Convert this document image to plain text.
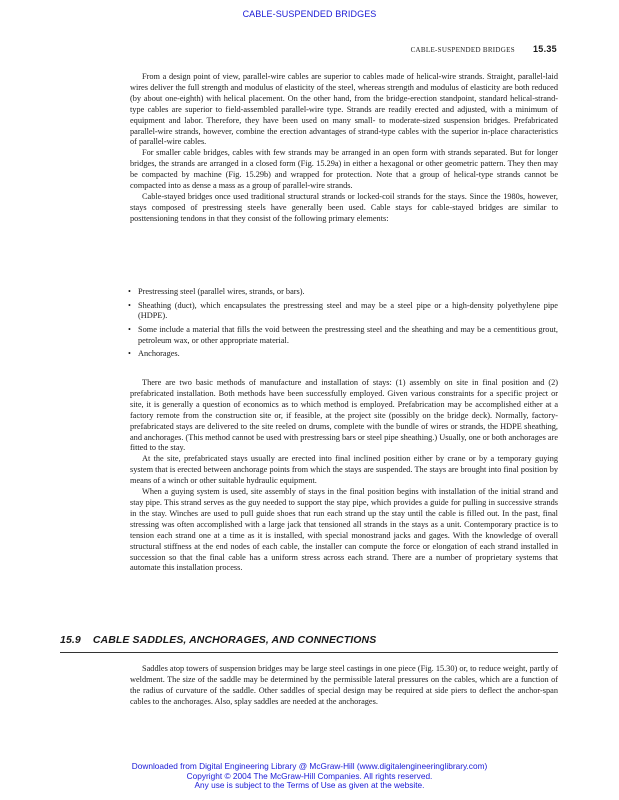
CABLE-SUSPENDED BRIDGES
CABLE-SUSPENDED BRIDGES 15.35

From a design point of view, parallel-wire cables are superior to cables made of helical-wire strands. Straight, parallel-laid wires deliver the full strength and modulus of elasticity of the steel, whereas strength and modulus of elasticity are both reduced (by about one-eighth) with helical placement. On the other hand, from the bridge-erection standpoint, standard helical-strand-type cables are superior to field-assembled parallel-wire type. Strands are readily erected and adjusted, with a minimum of equipment and labor. Therefore, they have been used on many small- to moderate-sized suspension bridges. Prefabricated parallel-wire strands, however, combine the erection advantages of strand-type cables with the superior in-place characteristics of parallel-wire cables.

For smaller cable bridges, cables with few strands may be arranged in an open form with strands separated. But for longer bridges, the strands are arranged in a closed form (Fig. 15.29a) in either a hexagonal or other geometric pattern. They then may be compacted by machine (Fig. 15.29b) and wrapped for protection. Note that a group of helical-type strands cannot be compacted into as dense a mass as a group of parallel-wire strands.

Cable-stayed bridges once used traditional structural strands or locked-coil strands for the stays. Since the 1980s, however, stays composed of prestressing steels have generally been used. Cable stays for cable-stayed bridges are similar to posttensioning tendons in that they consist of the following primary elements:

• Prestressing steel (parallel wires, strands, or bars).
• Sheathing (duct), which encapsulates the prestressing steel and may be a steel pipe or a high-density polyethylene pipe (HDPE).
• Some include a material that fills the void between the prestressing steel and the sheathing and may be a cementitious grout, petroleum wax, or other appropriate material.
• Anchorages.

There are two basic methods of manufacture and installation of stays: (1) assembly on site in final position and (2) prefabricated installation. Both methods have been successfully employed. Given various constraints for a specific project or site, it is generally a question of economics as to which method is employed. Prefabrication may be accomplished either at a factory remote from the construction site or, if feasible, at the project site (possibly on the bridge deck). Normally, factory-prefabricated stays are delivered to the site reeled on drums, complete with the bundle of wires or strands, the HDPE sheathing, and anchorages. (This method cannot be used with prestressing bars or steel pipe sheathing.) Usually, one or both anchorages are fitted to the stay.

At the site, prefabricated stays usually are erected into final inclined position either by crane or by a temporary guying system that is erected between anchorage points from which the stays are suspended. The stays are brought into final position by means of a winch or other suitable hydraulic equipment.

When a guying system is used, site assembly of stays in the final position begins with installation of the initial strand and stay pipe. This strand serves as the guy needed to support the stay pipe, which provides a guide for pulling in successive strands in the stay. Winches are used to pull guide shoes that run each strand up the stay until the cable is filled out. In the past, final stressing was often accomplished with a large jack that tensioned all strands in the stays as a unit. Contemporary practice is to tension each strand one at a time as it is installed, with special monostrand jacks and gages. With the knowledge of overall structural stiffness at the end nodes of each cable, the installer can compute the force or elongation of each strand installed in succession so that the final cable has a uniform stress across each strand. There are a number of proprietary systems that automate this installation process.

15.9 CABLE SADDLES, ANCHORAGES, AND CONNECTIONS

Saddles atop towers of suspension bridges may be large steel castings in one piece (Fig. 15.30) or, to reduce weight, partly of weldment. The size of the saddle may be determined by the permissible lateral pressures on the cables, which are a function of the radius of curvature of the saddle. Other saddles of special design may be required at side piers to deflect the anchor-span cables to the anchorages. Also, splay saddles are needed at the anchorages.

Downloaded from Digital Engineering Library @ McGraw-Hill (www.digitalengineeringlibrary.com)
Copyright © 2004 The McGraw-Hill Companies. All rights reserved.
Any use is subject to the Terms of Use as given at the website.
